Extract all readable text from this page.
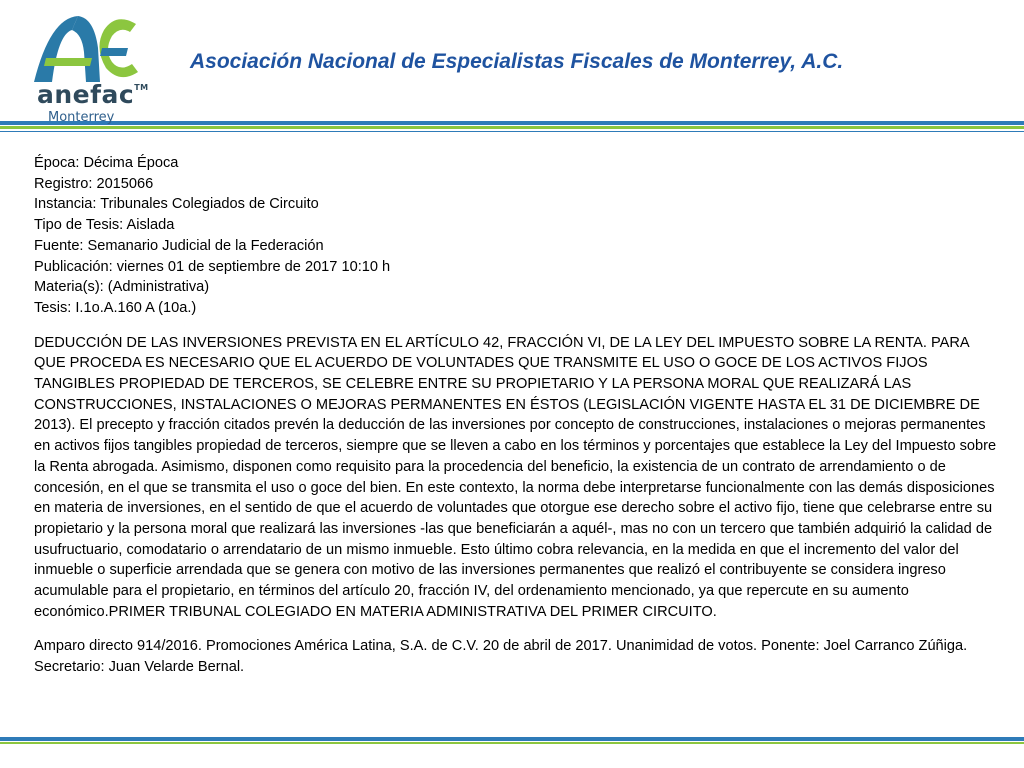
anefac™
Monterrey
Asociación Nacional de Especialistas Fiscales de Monterrey, A.C.
Época: Décima Época
Registro: 2015066
Instancia: Tribunales Colegiados de Circuito
Tipo de Tesis: Aislada
Fuente: Semanario Judicial de la Federación
Publicación: viernes 01 de septiembre de 2017 10:10 h
Materia(s): (Administrativa)
Tesis: I.1o.A.160 A (10a.)
DEDUCCIÓN DE LAS INVERSIONES PREVISTA EN EL ARTÍCULO 42, FRACCIÓN VI, DE LA LEY DEL IMPUESTO SOBRE LA RENTA. PARA QUE PROCEDA ES NECESARIO QUE EL ACUERDO DE VOLUNTADES QUE TRANSMITE EL USO O GOCE DE LOS ACTIVOS FIJOS TANGIBLES PROPIEDAD DE TERCEROS, SE CELEBRE ENTRE SU PROPIETARIO Y LA PERSONA MORAL QUE REALIZARÁ LAS CONSTRUCCIONES, INSTALACIONES O MEJORAS PERMANENTES EN ÉSTOS (LEGISLACIÓN VIGENTE HASTA EL 31 DE DICIEMBRE DE 2013). El precepto y fracción citados prevén la deducción de las inversiones por concepto de construcciones, instalaciones o mejoras permanentes en activos fijos tangibles propiedad de terceros, siempre que se lleven a cabo en los términos y porcentajes que establece la Ley del Impuesto sobre la Renta abrogada. Asimismo, disponen como requisito para la procedencia del beneficio, la existencia de un contrato de arrendamiento o de concesión, en el que se transmita el uso o goce del bien. En este contexto, la norma debe interpretarse funcionalmente con las demás disposiciones en materia de inversiones, en el sentido de que el acuerdo de voluntades que otorgue ese derecho sobre el activo fijo, tiene que celebrarse entre su propietario y la persona moral que realizará las inversiones -las que beneficiarán a aquél-, mas no con un tercero que también adquirió la calidad de usufructuario, comodatario o arrendatario de un mismo inmueble. Esto último cobra relevancia, en la medida en que el incremento del valor del inmueble o superficie arrendada que se genera con motivo de las inversiones permanentes que realizó el contribuyente se considera ingreso acumulable para el propietario, en términos del artículo 20, fracción IV, del ordenamiento mencionado, ya que repercute en su aumento económico.PRIMER TRIBUNAL COLEGIADO EN MATERIA ADMINISTRATIVA DEL PRIMER CIRCUITO.
Amparo directo 914/2016. Promociones América Latina, S.A. de C.V. 20 de abril de 2017. Unanimidad de votos. Ponente: Joel Carranco Zúñiga. Secretario: Juan Velarde Bernal.
